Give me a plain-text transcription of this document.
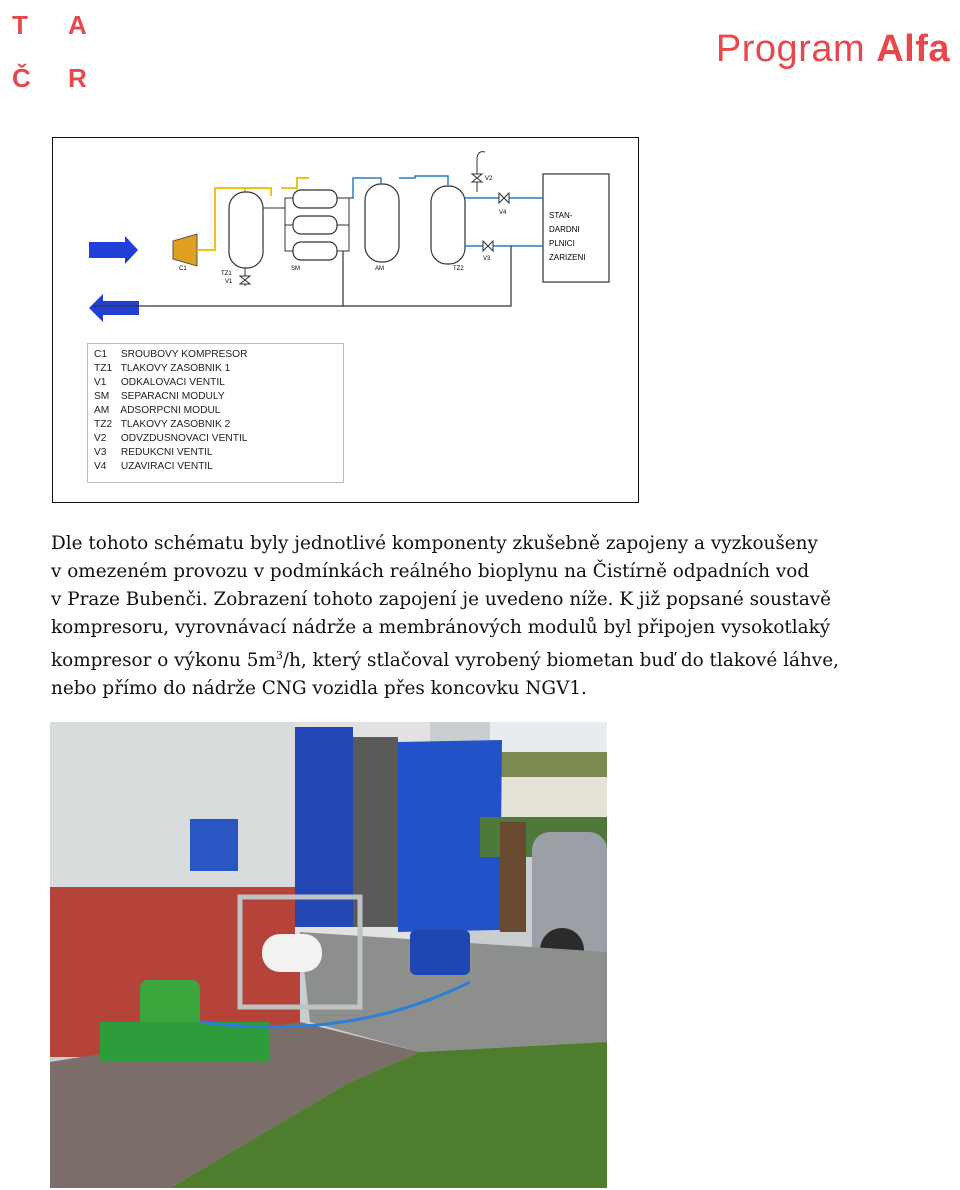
T A
Č R
Program Alfa
C1
TZ1
V1
SM	AM	TZ2
V2
V4
V3
STAN-
DARDNI
PLNICI
ZARIZENI
C1 SROUBOVY KOMPRESOR
TZ1 TLAKOVY ZASOBNIK 1
V1 ODKALOVACI VENTIL
SM SEPARACNI MODULY
AM ADSORPCNI MODUL
TZ2 TLAKOVY ZASOBNIK 2
V2 ODVZDUSNOVACI VENTIL
V3 REDUKCNI VENTIL
V4 UZAVIRACI VENTIL

Dle tohoto schématu byly jednotlivé komponenty zkušebně zapojeny a vyzkoušeny

v omezeném provozu v podmínkách reálného bioplynu na Čistírně odpadních vod

v Praze Bubenči. Zobrazení tohoto zapojení je uvedeno níže. K již popsané soustavě

kompresoru, vyrovnávací nádrže a membránových modulů byl připojen vysokotlaký

kompresor o výkonu $5m^3/h$, který stlačoval vyrobený biometan buď do tlakové láhve,

nebo přímo do nádrže CNG vozidla přes koncovku NGV1.
